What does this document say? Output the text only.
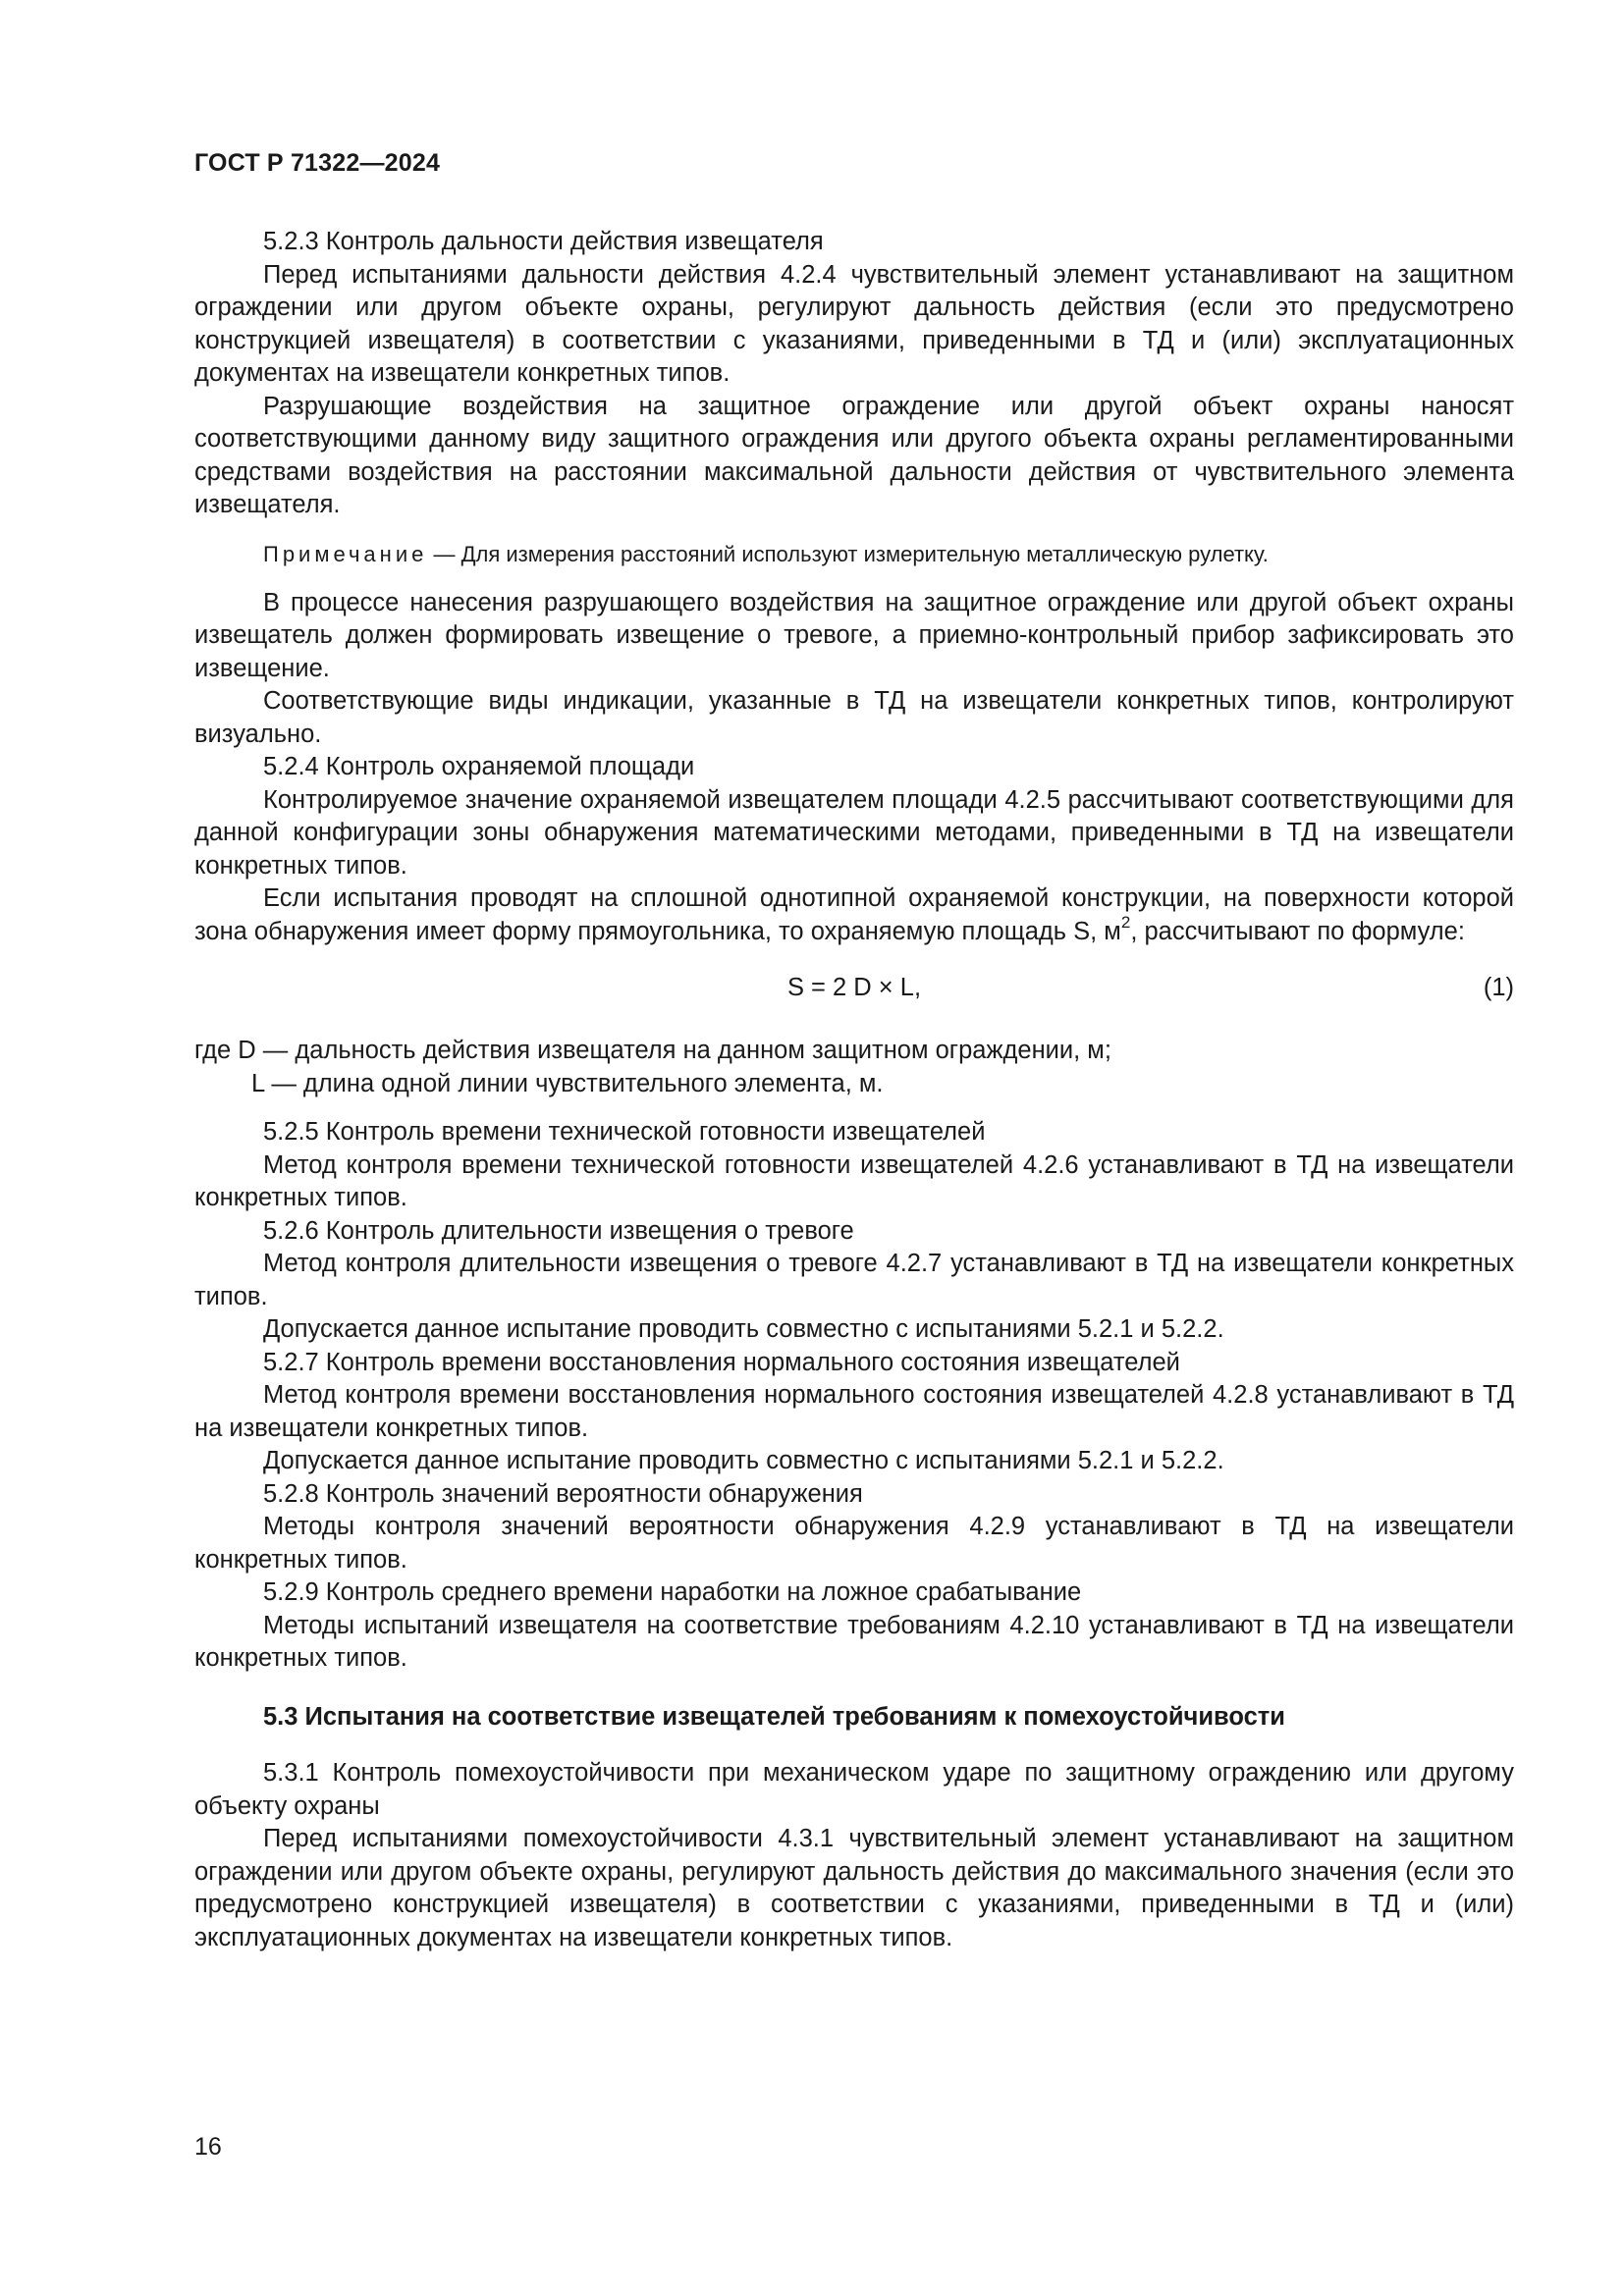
ГОСТ Р 71322—2024

5.2.3 Контроль дальности действия извещателя

Перед испытаниями дальности действия 4.2.4 чувствительный элемент устанавливают на защитном ограждении или другом объекте охраны, регулируют дальность действия (если это предусмотрено конструкцией извещателя) в соответствии с указаниями, приведенными в ТД и (или) эксплуатационных документах на извещатели конкретных типов.

Разрушающие воздействия на защитное ограждение или другой объект охраны наносят соответствующими данному виду защитного ограждения или другого объекта охраны регламентированными средствами воздействия на расстоянии максимальной дальности действия от чувствительного элемента извещателя.

Примечание — Для измерения расстояний используют измерительную металлическую рулетку.

В процессе нанесения разрушающего воздействия на защитное ограждение или другой объект охраны извещатель должен формировать извещение о тревоге, а приемно-контрольный прибор зафиксировать это извещение.

Соответствующие виды индикации, указанные в ТД на извещатели конкретных типов, контролируют визуально.

5.2.4 Контроль охраняемой площади

Контролируемое значение охраняемой извещателем площади 4.2.5 рассчитывают соответствующими для данной конфигурации зоны обнаружения математическими методами, приведенными в ТД на извещатели конкретных типов.

Если испытания проводят на сплошной однотипной охраняемой конструкции, на поверхности которой зона обнаружения имеет форму прямоугольника, то охраняемую площадь S, $м^2$, рассчитывают по формуле:

S = 2 D × L,	(1)
где D — дальность действия извещателя на данном защитном ограждении, м;
L — длина одной линии чувствительного элемента, м.

5.2.5 Контроль времени технической готовности извещателей

Метод контроля времени технической готовности извещателей 4.2.6 устанавливают в ТД на извещатели конкретных типов.

5.2.6 Контроль длительности извещения о тревоге

Метод контроля длительности извещения о тревоге 4.2.7 устанавливают в ТД на извещатели конкретных типов.

Допускается данное испытание проводить совместно с испытаниями 5.2.1 и 5.2.2.

5.2.7 Контроль времени восстановления нормального состояния извещателей

Метод контроля времени восстановления нормального состояния извещателей 4.2.8 устанавливают в ТД на извещатели конкретных типов.

Допускается данное испытание проводить совместно с испытаниями 5.2.1 и 5.2.2.

5.2.8 Контроль значений вероятности обнаружения

Методы контроля значений вероятности обнаружения 4.2.9 устанавливают в ТД на извещатели конкретных типов.

5.2.9 Контроль среднего времени наработки на ложное срабатывание

Методы испытаний извещателя на соответствие требованиям 4.2.10 устанавливают в ТД на извещатели конкретных типов.

5.3 Испытания на соответствие извещателей требованиям к помехоустойчивости

5.3.1 Контроль помехоустойчивости при механическом ударе по защитному ограждению или другому объекту охраны

Перед испытаниями помехоустойчивости 4.3.1 чувствительный элемент устанавливают на защитном ограждении или другом объекте охраны, регулируют дальность действия до максимального значения (если это предусмотрено конструкцией извещателя) в соответствии с указаниями, приведенными в ТД и (или) эксплуатационных документах на извещатели конкретных типов.

16
